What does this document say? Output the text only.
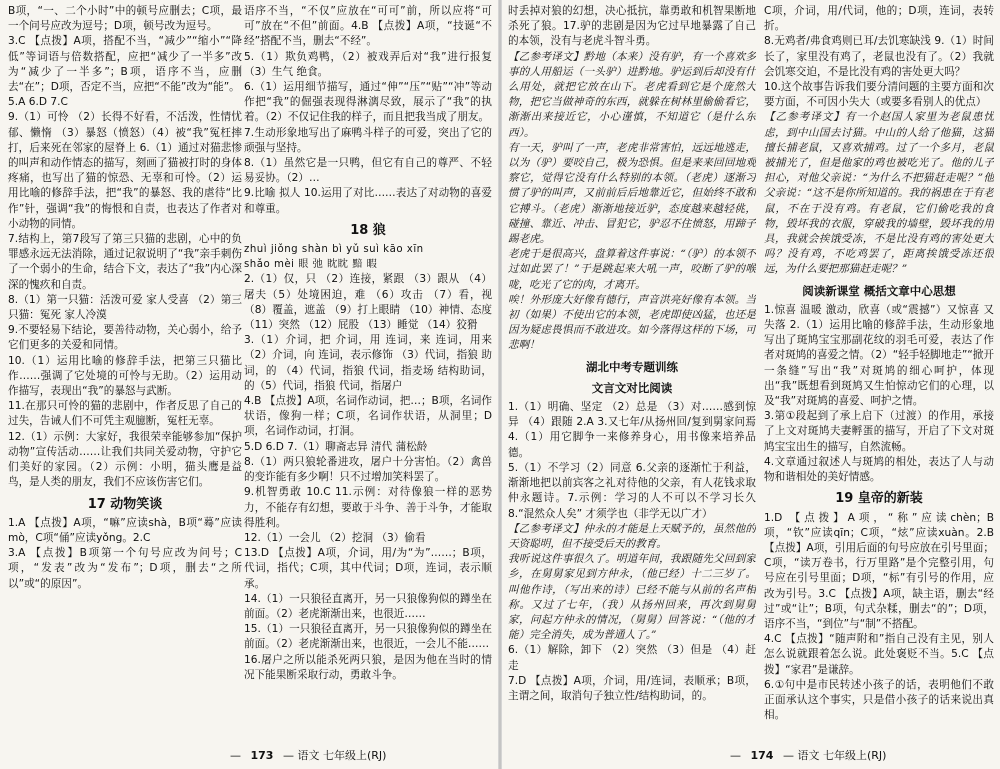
B项，“一、二个小时”中的顿号应删去；C项，最一个问号应改为逗号；D项，顿号改为逗号。

3.C 【点拨】A项，搭配不当，“减少”“缩小”“降低”等词语与倍数搭配，应把“减少了一半多”改为“减少了一半多”；B项，语序不当，应删去“在”；D项，否定不当，应把“不能”改为“能”。

5.A 6.D 7.C

9.（1）可怜 （2）长得不好看，不活泼，性情忧郁、懒惰 （3）暴怒（愤怒）（4）被“我”冤枉摔打，后来死在邻家的屋脊上 6.（1）通过对猫悲惨的叫声和动作情态的描写，刻画了猫被打时的身体疼痛，也写出了猫的惊恐、无辜和可怜。（2）运用比喻的修辞手法，把“我”的暴怒、我的虐待“比作”针，强调“我”的悔恨和自责，也表达了作者对小动物的同情。

7.结构上，第7段写了第三只猫的悲剧，心中的负罪感永远无法消除，通过记叙说明了“我”亲手刺伤了一个弱小的生命，结合下文，表达了“我”内心深深的愧疚和自责。

8.（1）第一只猫：活泼可爱 家人受喜 （2）第三只猫：冤死 家人冷漠

9.不要轻易下结论，要善待动物，关心弱小，给予它们更多的关爱和同情。

10.（1）运用比喻的修辞手法，把第三只猫比作……强调了它处境的可怜与无助。（2）运用动作描写，表现出“我”的暴怒与武断。

11.在那只可怜的猫的悲剧中，作者反思了自己的过失，告诫人们不可凭主观臆断，冤枉无辜。

12.（1）示例：大家好，我很荣幸能够参加“保护动物”宣传活动……让我们共同关爱动物，守护它们美好的家园。（2）示例：小明，猫头鹰是益鸟，是人类的朋友，我们不应该伤害它们。

17 动物笑谈

1.A 【点拨】A项，“嘛”应读shà，B项“蓦”应读mò，C项“俑”应读yǒng。2.C

3.A 【点拨】B项第一个句号应改为问号；C项，“发表”改为“发布”；D项，删去“之所以”或“的原因”。

语序不当，“不仅”应放在“可可”前，所以应将“可可”放在“不但”前面。4.B 【点拨】A项，“技诞“不经”搭配不当，删去“不经”。

5.（1）欺负鸡鸭，（2）被戏弄后对“我”进行报复（3）生气 绝食。

6.（1）运用细节描写，通过“伸”“压”“贴”“冲”等动作把“我”的倔强表现得淋漓尽致，展示了“我”的执着。（2）不仅记住我的样子，而且把我当成了朋友。

7.生动形象地写出了麻鸭斗样子的可爱，突出了它的顽强与坚持。

8.（1）虽然它是一只鸭，但它有自己的尊严、不轻易妥协。（2）…

9.比喻 拟人 10.运用了对比……表达了对动物的喜爱和尊重。

18 狼

zhuì jiǒng shàn bì yǔ suì kāo xīn

shǎo mèi 眼 弛 眈眈 黯 暇

2.（1）仅，只 （2）连接，紧跟 （3）跟从 （4）屠夫（5）处境困迫，难 （6）攻击 （7）看，视 （8）覆盖，遮盖 （9）打上眼睛 （10）神情、态度（11）突然 （12）屁股 （13）睡觉 （14）狡猾

3.（1）介词，把 介词，用 连词，来 连词，用来（2）介词，向 连词，表示修饰 （3）代词，指狼 助词，的 （4）代词，指狼 代词，指麦场 结构助词，的（5）代词，指狼 代词，指屠户

4.B 【点拨】A项，名词作动词，把…；B项，名词作状语，像狗一样；C项，名词作状语，从洞里；D项，名词作动词，打洞。

5.D 6.D 7.（1）聊斋志异 清代 蒲松龄

8.（1）两只狼轮番进攻，屠户十分害怕。（2）禽兽的变诈能有多少啊！只不过增加笑料罢了。

9.机智勇敢 10.C 11.示例：对待像狼一样的恶势力，不能存有幻想，要敢于斗争、善于斗争，才能取得胜利。

12.（1）一会儿 （2）挖洞 （3）偷看

13.D 【点拨】A项，介词，用/为“为”……；B项，代词，指代；C项，其中代词；D项，连词，表示顺承。

14.（1）一只狼径直离开，另一只狼像狗似的蹲坐在前面。（2）老虎渐渐出来，也很近……

15.（1）一只狼径直离开，另一只狼像狗似的蹲坐在前面。（2）老虎渐渐出来，也很近，一会儿不能……

16.屠户之所以能杀死两只狼，是因为他在当时的情况下能果断采取行动，勇敢斗争。

— 173 — 语文 七年级上(RJ)

时丢掉对狼的幻想，决心抵抗，靠勇敢和机智果断地杀死了狼。17.驴的悲剧是因为它过早地暴露了自己的本领，没有与老虎斗智斗勇。

【乙参考译文】黔地（本来）没有驴，有一个喜欢多事的人用船运（一头驴）进黔地。驴运到后却没有什么用处，就把它放在山下。老虎看到它是个庞然大物，把它当做神奇的东西，就躲在树林里偷偷看它，渐渐出来接近它，小心谨慎，不知道它（是什么东西）。

有一天，驴叫了一声，老虎非常害怕，远远地逃走，以为（驴）要咬自己，极为恐惧。但是来来回回地观察它，觉得它没有什么特别的本领。（老虎）逐渐习惯了驴的叫声，又前前后后地靠近它，但始终不敢和它搏斗。（老虎）渐渐地接近驴，态度越来越轻佻，碰撞、靠近、冲击、冒犯它，驴忍不住愤怒，用蹄子踢老虎。

老虎于是很高兴，盘算着这件事说：“（驴）的本领不过如此罢了！”于是跳起来大吼一声，咬断了驴的喉咙，吃光了它的肉，才离开。

唉！外形庞大好像有德行，声音洪亮好像有本领。当初（如果）不使出它的本领，老虎即使凶猛，也还是因为疑虑畏惧而不敢进攻。如今落得这样的下场，可悲啊！

湖北中考专题训练
文言文对比阅读

1.（1）明确、坚定 （2）总是 （3）对……感到惊异 （4）跟随 2.A 3.又七年/从扬州回/复到舅家问焉 4.（1）用它脚争一来修养身心，用书像来培养品德。

5.（1）不学习（2）同意 6.父亲的逐渐忙于利益，渐渐地把以前宾客之礼对待他的父亲，有人花钱求取仲永题诗。7.示例：学习的人不可以不学习长久 8.“混然众人矣” 才须学也（非学无以广才）

【乙参考译文】仲永的才能是上天赋予的，虽然他的天资聪明，但不接受后天的教育。

我听说这件事很久了。明道年间，我跟随先父回到家乡，在舅舅家见到方仲永，（他已经）十二三岁了。叫他作诗，（写出来的诗）已经不能与从前的名声相称。又过了七年，（我）从扬州回来，再次到舅舅家，问起方仲永的情况，（舅舅）回答说：“（他的才能）完全消失，成为普通人了。”

6.（1）解除，卸下 （2）突然 （3）但是 （4）赶走

7.D 【点拨】A项，介词，用/连词，表顺承；B项，主谓之间，取消句子独立性/结构助词，的。

C项，介词，用/代词，他的；D项，连词，表转折。

8.无鸡者/弗食鸡则已耳/去饥寒缺浅 9.（1）时间长了，家里没有鸡了，老鼠也没有了。（2）我就会饥寒交迫，不是比没有鸡的害处更大吗？

10.这个故事告诉我们要分清问题的主要方面和次要方面，不可因小失大（或要多看别人的优点）

【乙参考译文】有一个赵国人家里为老鼠患忧虑，到中山国去讨猫。中山的人给了他猫，这猫擅长捕老鼠，又喜欢捕鸡。过了一个多月，老鼠被捕光了，但是他家的鸡也被吃光了。他的儿子担心，对他父亲说：“为什么不把猫赶走呢？”他父亲说：“这不是你所知道的。我的祸患在于有老鼠，不在于没有鸡。有老鼠，它们偷吃我的食物，毁坏我的衣服，穿破我的墙壁，毁坏我的用具，我就会挨饿受冻，不是比没有鸡的害处更大吗？没有鸡，不吃鸡罢了，距离挨饿受冻还很远，为什么要把那猫赶走呢？”

阅读新课堂 概括文章中心思想

1.惊喜 温暖 激动，欣喜（或“震撼”）又惊喜 又失落 2.（1）运用比喻的修辞手法，生动形象地写出了斑鸠宝宝那副花纹的羽毛可爱，表达了作者对斑鸠的喜爱之情。（2）“轻手轻脚地走”“掀开一条缝”写出“我”对斑鸠的细心呵护，体现出“我”既想看到斑鸠又生怕惊动它们的心理，以及“我”对斑鸠的喜爱、呵护之情。

3.第①段起到了承上启下（过渡）的作用，承接了上文对斑鸠夫妻孵蛋的描写，开启了下文对斑鸠宝宝出生的描写，自然流畅。

4.文章通过叙述人与斑鸠的相处，表达了人与动物和谐相处的美好情感。

19 皇帝的新装

1.D 【点拨】A项，“称”应读chèn；B项，“钦”应读qīn；C项，“炫”应读xuàn。2.B 【点拨】A项，引用后面的句号应放在引号里面；C项，“读万卷书，行万里路”是个完整引用，句号应在引号里面；D项，“标”有引号的作用，应改为引号。3.C 【点拨】A项，缺主语，删去“经过”或“让”；B项，句式杂糅，删去“的”；D项，语序不当，“到位”与“制”不搭配。

4.C 【点拨】“随声附和”指自己没有主见，别人怎么说就跟着怎么说。此处褒贬不当。5.C 【点拨】“家君”是谦辞。

6.①句中是市民转述小孩子的话，表明他们不敢正面承认这个事实，只是借小孩子的话来说出真相。

— 174 — 语文 七年级上(RJ)
